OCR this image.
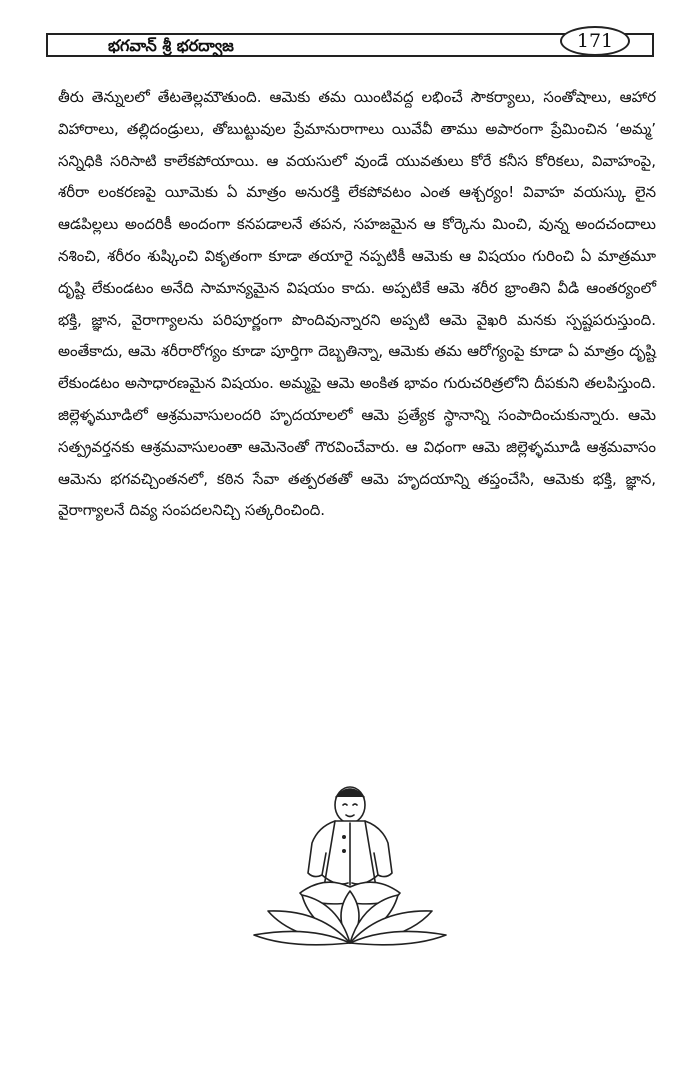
భగవాన్ శ్రీ భరద్వాజ	171

తీరు తెన్నులలో తేటతెల్లమౌతుంది. ఆమెకు తమ యింటివద్ద లభించే సౌకర్యాలు, సంతోషాలు, ఆహార విహారాలు, తల్లిదండ్రులు, తోబుట్టువుల ప్రేమానురాగాలు యివేవీ తాము అపారంగా ప్రేమించిన ‘అమ్మ’ సన్నిధికి సరిసాటి కాలేకపోయాయి. ఆ వయసులో వుండే యువతులు కోరే కనీస కోరికలు, వివాహంపై, శరీరా లంకరణపై యీమెకు ఏ మాత్రం అనురక్తి లేకపోవటం ఎంత ఆశ్చర్యం! వివాహ వయస్కు లైన ఆడపిల్లలు అందరికీ అందంగా కనపడాలనే తపన, సహజమైన ఆ కోర్కెను మించి, వున్న అందచందాలు నశించి, శరీరం శుష్కించి వికృతంగా కూడా తయారై నప్పటికీ ఆమెకు ఆ విషయం గురించి ఏ మాత్రమూ దృష్టి లేకుండటం అనేది సామాన్యమైన విషయం కాదు. అప్పటికే ఆమె శరీర భ్రాంతిని వీడి ఆంతర్యంలో భక్తి, జ్ఞాన, వైరాగ్యాలను పరిపూర్ణంగా పొందివున్నారని అప్పటి ఆమె వైఖరి మనకు స్పష్టపరుస్తుంది. అంతేకాదు, ఆమె శరీరారోగ్యం కూడా పూర్తిగా దెబ్బతిన్నా, ఆమెకు తమ ఆరోగ్యంపై కూడా ఏ మాత్రం దృష్టి లేకుండటం అసాధారణమైన విషయం. అమ్మపై ఆమె అంకిత భావం గురుచరిత్రలోని దీపకుని తలపిస్తుంది. జిల్లెళ్ళమూడిలో ఆశ్రమవాసులందరి హృదయాలలో ఆమె ప్రత్యేక స్థానాన్ని సంపాదించుకున్నారు. ఆమె సత్ప్రవర్తనకు ఆశ్రమవాసులంతా ఆమెనెంతో గౌరవించేవారు. ఆ విధంగా ఆమె జిల్లెళ్ళమూడి ఆశ్రమవాసం ఆమెను భగవచ్చింతనలో, కఠిన సేవా తత్పరతతో ఆమె హృదయాన్ని తప్తంచేసి, ఆమెకు భక్తి, జ్ఞాన, వైరాగ్యాలనే దివ్య సంపదలనిచ్చి సత్కరించింది.
